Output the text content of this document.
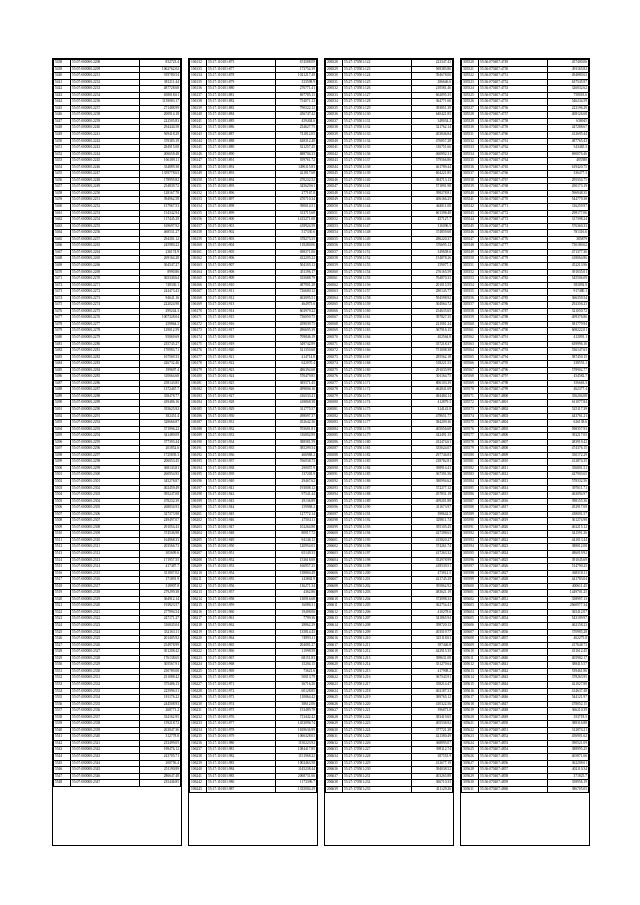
5438	55:07:000000:2208	832723.4
5439	55:07:000000:2209	1062762.02
5440	55:07:000000:2231	919780.54
5441	55:07:000000:2232	381211.44
5442	55:07:000000:2233	487728.68
5443	55:07:000000:2234	658018.61
5444	55:07:000000:2236	1139083.17
5445	55:07:000000:2237	271488.99
5446	55:07:000000:2238	200914.18
5447	55:07:000000:2239	222505.83
5448	55:07:000000:2240	294444.58
5449	55:07:000000:2241	569418.29
5450	55:07:000000:2242	378385.19
5451	55:07:000000:2243	284915.08
5452	55:07:000000:2244	406658.48
5453	55:07:000000:2245	166189.11
5454	55:07:000000:2246	334889.38
5455	55:07:000000:2247	1359778.63
5456	55:07:000000:2248	178995.82
5457	55:07:000000:2249	254839.72
5458	55:07:000000:2250	128167.78
5459	55:07:000000:2251	394962.58
5460	55:07:000000:2252	157967.53
5461	55:07:000000:2253	154342.94
5462	55:07:000000:2254	117445.29
5463	55:07:000000:2255	169697.92
5464	55:07:000000:2256	468531.27
5465	55:07:000000:2257	294301.12
5466	55:07:000000:2263	245980.22
5467	55:07:000000:2264	236174.9
5468	55:07:000000:2265	269164.28
5469	55:07:000000:2266	304547.27
5470	55:07:000000:2269	8990.86
5471	55:07:000000:2270	365340.64
5472	55:07:000000:2271	748330.1
5473	55:07:000000:2272	244473.43
5474	55:07:000000:2273	94641.16
5475	55:07:000000:2274	222024.98
5476	55:07:000000:2275	299244.3
5477	55:07:000000:2276	1007328.04
5478	55:07:000000:2277	259864.3
5479	55:07:000000:2278	129012.59
5480	55:07:000000:2279	95869.69
5481	55:07:000000:2280	235745.27
5482	55:07:000000:2281	170983.71
5483	55:07:000000:2282	167569.33
5484	55:07:000000:2283	426732.46
5485	55:07:000000:2284	199697.4
5486	55:07:000000:2285	310664.68
5487	55:07:000000:2286	258143.85
5488	55:07:000000:2287	1372467.7
5489	55:07:000000:2288	358478.77
5490	55:07:000000:2289	439486.16
5491	55:07:000000:2290	355625.92
5492	55:07:000000:2291	382451.4
5493	55:07:000000:2292	328666.87
5494	55:07:000000:2293	371996.22
5495	55:07:000000:2294	341489.09
5496	55:07:000000:2295	377393.44
5497	55:07:000000:2296	201852.6
5498	55:07:000000:2297	1725839.3
5499	55:07:000000:2298	206053.45
5500	55:07:000000:2299	368143.81
5501	55:07:000000:2300	260954.95
5502	55:07:000000:2301	345278.87
5503	55:07:000000:2302	402459.49
5504	55:07:000000:2303	395247.08
5505	55:07:000000:2304	478232.39
5506	55:07:000000:2305	268834.93
5507	55:07:000000:2306	327373.98
5508	55:07:000000:2307	249497.07
5509	55:07:000000:2308	291054.43
5510	55:07:000000:2309	374546.98
5511	55:07:000000:2310	164968.33
5512	55:07:000000:2311	203566.73
5513	55:07:000000:2312	305609.6
5514	55:07:000000:2313	171957.55
5515	55:07:000000:2314	417487.7
5516	55:07:000000:2315	331807.02
5517	55:07:000000:2316	171891.9
5518	55:07:000000:2317	318907.8
5519	55:07:000000:2318	279299.38
5520	55:07:000000:2319	364912.14
5521	55:07:000000:2320	193823.57
5522	55:07:000000:2321	277994.54
5523	55:07:000000:2322	247171.27
5524	55:07:000000:2323	316845.04
5525	55:07:000000:2324	332163.11
5526	55:07:000000:2325	201405.92
5527	55:07:000000:2326	254978.99
5528	55:07:000000:2327	301208.42
5529	55:07:000000:2328	176138.65
5530	55:07:000000:2329	305567.91
5531	55:07:000000:2330	250789.08
5532	55:07:000000:2331	231088.42
5533	55:07:000000:2332	375486.13
5534	55:07:000000:2333	225996.51
5535	55:07:000000:2334	181176.22
5536	55:07:000000:2335	244508.93
5537	55:07:000000:2336	268771.2
5538	55:07:000000:2337	334162.95
5539	55:07:000000:2338	159218.72
5540	55:07:000000:2339	263047.36
5541	55:07:000000:2340	312778.8
5542	55:07:000000:2341	233499.05
5543	55:07:000000:2342	198476.12
5544	55:07:000000:2343	243705.71
5545	55:07:000000:2344	208756.4
5546	55:07:000000:2345	251190.89
5547	55:07:000000:2346	286647.48
5548	55:07:000000:2347	235446.85
106132	55:17:110101:875	674588.09
106133	55:17:110101:877	173754.39
106134	55:17:110101:878	1021217.49
106135	55:17:110101:879	333598.9
106136	55:17:110101:880	276771.41
106137	55:17:110101:881	697785.15
106138	55:17:110101:882	754071.13
106139	55:17:110101:883	790522.12
106140	55:17:110101:884	456747.42
106141	55:17:110101:885	459404.6
106142	55:17:110101:886	234627.75
106143	55:17:110101:887	741812.05
106144	55:17:110101:888	628312.48
106145	55:17:110101:889	521257.45
106146	55:17:110101:890	688704.33
106147	55:17:110101:891	559761.72
106148	55:17:110101:892	1496115.83
106149	55:17:110101:893	421817.68
106150	55:17:110101:894	470232.52
106151	55:17:110101:895	345629.61
106152	55:17:110101:896	277167.8
106153	55:17:110101:897	470710.34
106154	55:17:110101:898	390014.51
106155	55:17:110101:899	313715.68
106156	55:17:110101:900	1415271.08
106157	55:17:110101:901	418924.59
106158	55:17:110101:902	517330.6
106159	55:17:110101:903	378273.55
106160	55:17:110101:904	118280.06
106161	55:17:110101:905	498371.06
106162	55:17:110101:906	432205.22
106163	55:17:110101:907	504103.13
106164	55:17:110101:908	451196.17
106165	55:17:110101:909	335688.79
106166	55:17:110101:910	487901.28
106167	55:17:110101:911	726680.12
106168	55:17:110101:912	463095.51
106169	55:17:110101:913	464975.6
106170	55:17:110101:914	603979.22
106171	55:17:110101:915	736059.75
106172	55:17:110101:916	459039.75
106173	55:17:110101:917	496695.39
106174	55:17:110101:918	709846.19
106175	55:17:110101:919	349742.89
106176	55:17:110101:920	521350.68
106177	55:17:110101:921	414714.8
106178	55:17:110101:922	622070.4
106179	55:17:110101:923	486394.68
106180	55:17:110101:924	570479.85
106181	55:17:110101:925	385571.45
106182	55:17:110101:926	499806.16
106183	55:17:110101:927	416533.41
106184	55:17:110101:928	418868.38
106185	55:17:110101:929	311775.57
106186	55:17:110101:930	498097.37
106187	55:17:110101:931	452642.36
106188	55:17:110101:932	705691.81
106189	55:17:110101:933	316802.89
106190	55:17:110101:934	388581.59
106191	55:17:110101:935	385299.54
106192	55:17:110101:936	466968.2
106193	55:17:110101:937	766938.73
106194	55:17:110101:938	290057.9
106195	55:17:110101:939	137203.9
106196	55:17:110101:940	29467.62
106197	55:17:110101:941	193008.12
106198	55:17:110101:942	97541.44
106199	55:17:110101:943	29136.89
106200	55:17:110101:944	159968.2
106201	55:17:110101:945	127772.14
106202	55:17:110101:946	47504.11
106203	55:17:110101:947	102264.88
106204	55:17:110101:948	80917.72
106205	55:17:110101:949	94146.12
106206	55:17:110101:950	120954.03
106207	55:17:110101:951	65149.33
106208	55:17:110101:952	153618.08
106209	55:17:110101:953	166957.25
106210	55:17:110101:954	138860.49
106211	55:17:110101:955	143802.9
106212	55:17:110101:956	136271.34
106213	55:17:110101:957	4362.86
106214	55:17:110101:958	130916.68
106215	55:17:110101:959	16086.31
106216	55:17:110101:960	19498.06
106217	55:17:110101:961	7799.36
106218	55:17:110101:962	28862.29
106219	55:17:110101:963	135814.43
106220	55:17:110101:964	74993.11
106221	55:17:110101:965	204081.27
106222	55:17:110101:966	11998.59
106223	55:17:110101:967	68151.83
106224	55:17:110101:968	15204.15
106225	55:17:110101:969	73621.6
106226	55:17:110101:970	50013.79
106227	55:17:110101:971	36716.26
106228	55:17:110101:972	60128.85
106229	55:17:110101:973	110864.42
106230	55:17:110101:974	38612.06
106231	55:17:110101:975	153489.78
106232	55:17:110101:976	713442.42
106233	55:17:110101:977	1453096.74
106234	55:17:110101:978	1639636.99
106235	55:17:110101:979	1066328.03
106236	55:17:110101:980	1150223.92
106237	55:17:110101:981	1084417.85
106238	55:17:110101:982	1151968.22
106239	55:17:110101:983	1002463.58
106240	55:17:110101:984	1145238.44
106241	55:17:110101:985	2068731.66
106242	55:17:110101:986	1173396.7
106243	55:17:110101:987	1335004.29
206528	55:27:170501:122	223347.43
206529	55:27:170501:123	569385.86
206530	55:27:170501:124	394678.06
206531	55:27:170501:125	286646.6
206532	55:27:170501:126	210581.46
206533	55:27:170501:127	662895.35
206534	55:27:170501:128	364771.66
206535	55:27:170501:129	393851.39
206536	55:27:170501:130	640421.85
206537	55:27:170501:131	348034.2
206538	55:27:170501:132	321762.14
206539	55:27:170501:133	403846.84
206540	55:27:170501:134	476857.28
206541	55:27:170501:135	316751.66
206542	55:27:170501:136	460892.31
206543	55:27:170501:137	579566.86
206544	55:27:170501:138	461789.44
206545	55:27:170501:139	604221.85
206546	55:27:170501:140	384713.13
206547	55:27:170501:141	571891.98
206548	55:27:170501:142	398278.81
206549	55:27:170501:143	406166.25
206550	55:27:170501:144	464811.08
206551	55:27:170501:145	601398.48
206552	55:27:170501:146	457127.7
206553	55:27:170501:147	316096.5
206554	55:27:170501:148	374859.68
206555	55:27:170501:149	286220.37
206556	55:27:170501:150	376695.13
206557	55:27:170501:151	349658.6
206558	55:27:170501:152	154878.26
206559	55:27:170501:153	159077.1
206560	55:27:170501:154	276165.59
206561	55:27:170501:155	764870.33
206562	55:27:170501:156	201015.55
206563	55:27:170501:157	280145.77
206564	55:27:170501:158	594598.92
206565	55:27:170501:159	304064.72
206566	55:27:170501:160	254635.65
206567	55:27:170501:161	397827.35
206568	55:27:170501:162	221901.24
206569	55:27:170501:163	367916.15
206570	55:27:170501:164	402564.8
206571	55:27:170501:165	357218.37
206572	55:27:170501:166	751008.38
206573	55:27:170501:167	285562.18
206574	55:27:170501:168	518221.53
206575	55:27:170501:169	291035.99
206576	55:27:170501:170	301164.75
206577	55:27:170501:171	806103.39
206578	55:27:170501:172	462841.69
206579	55:27:170501:173	484484.14
206580	55:27:170501:174	412879.3
206581	55:27:170501:175	314141.8
206582	55:27:170501:176	478651.77
206583	55:27:170501:177	384209.36
206584	55:27:170501:178	405056.68
206585	55:27:170501:179	342491.15
206586	55:27:170501:180	432474.61
206587	55:27:170501:181	335624.07
206588	55:27:170501:182	297746.83
206589	55:27:170501:183	238782.81
206590	55:27:170501:184	398914.41
206591	55:27:170501:185	367391.56
206592	55:27:170501:186	380994.62
206593	55:27:170501:187	372277.12
206594	55:27:170501:188	457831.19
206595	55:27:170501:189	409201.88
206596	55:27:170501:190	411673.97
206597	55:27:170501:191	398642.5
206598	55:27:170501:192	329811.74
206599	55:27:170501:193	395105.45
206600	55:27:170501:194	427398.63
206601	55:27:170501:195	415820.27
206602	55:27:170501:196	374261.74
206603	55:27:170501:197	417263.32
206604	55:27:170501:198	352978.99
206605	55:27:170501:199	418539.51
206606	55:27:170501:200	473912.5
206607	55:27:170501:201	421745.29
206608	55:27:170501:202	395862.92
206609	55:27:170501:203	483621.19
206610	55:27:170501:204	373098.33
206611	55:27:170501:205	362754.41
206612	55:27:170501:206	410278.6
206613	55:27:170501:207	341865.94
206614	55:27:170501:208	398720.13
206615	55:27:170501:209	403519.77
206616	55:27:170501:210	325118.61
206617	55:27:170501:211	387446.8
206618	55:27:170501:212	442915.35
206619	55:27:170501:213	398631.08
206620	55:27:170501:214	351279.64
206621	55:27:170501:215	417908.2
206622	55:27:170501:216	367543.91
206623	55:27:170501:217	358214.47
206624	55:27:170501:218	402187.31
206625	55:27:170501:219	389765.12
206626	55:27:170501:220	410322.56
206627	55:27:170501:221	396873.8
206628	55:27:170501:222	383419.65
206629	55:27:170501:223	405536.92
206630	55:27:170501:224	377721.38
206631	55:27:170501:225	421380.49
206632	55:27:170501:226	368895.07
206633	55:27:170501:227	398112.74
206634	55:27:170501:228	387553.9
206635	55:27:170501:229	412677.19
206636	55:27:170501:230	394038.52
206637	55:27:170501:231	403265.88
206638	55:27:170501:232	366710.33
206639	55:27:170501:233	411129.26
305520	55:36:070407:4749	457400.06
305521	55:36:070407:4750	491165.82
305522	55:36:070407:4751	494880.63
305523	55:36:070407:4752	637545.97
305524	55:36:070407:4753	326032.62
305525	55:36:070407:4754	758018.6
305526	55:36:070407:4755	546234.59
305527	55:36:070407:4756	223196.29
305528	55:36:070407:4757	408126.68
305529	55:36:070407:4758	636945
305530	55:36:070407:4759	447288.67
305531	55:36:070407:4760	412695.44
305532	55:36:070407:4761	487765.43
305533	55:36:070407:4762	543465.5
305534	55:36:070407:4763	690076.46
305535	55:36:070407:4764	485588
305536	55:36:070407:4765	619420.75
305537	55:36:070407:4766	336477.3
305538	55:36:070407:4767	295354.75
305539	55:36:070407:4768	450173.19
305540	55:36:070407:4769	596948.35
305541	55:36:070407:4770	544779.38
305542	55:36:070407:4771	316259.97
305543	55:36:070407:4772	298177.06
305544	55:36:070407:4773	317398.24
305545	55:36:070407:4774	576360.33
305546	55:36:070407:4775	781316.6
305547	55:36:070407:4776	385879
305548	55:36:070407:4777	730180.62
305549	55:36:070407:4778	471377.36
305550	55:36:070407:4779	418064.86
305551	55:36:070407:4780	452213.96
305552	55:36:070407:4781	391035.01
305553	55:36:070407:4782	545506.09
305554	55:36:070407:4783	383092.9
305555	55:36:070407:4784	917480.1
305556	55:36:070407:4785	366359.54
305557	55:36:070407:4786	292356.23
305558	55:36:070407:4787	321050.72
305559	55:36:070407:4788	409376.86
305560	55:36:070407:4789	581779.94
305561	55:36:070407:4790	608222.01
305562	55:36:070407:4791	412091.1
305563	55:36:070407:4792	639996.16
305564	55:36:070407:4793	536147.63
305565	55:36:070407:4794	587450.15
305566	55:36:070407:4795	338553.1
305567	55:36:070407:4796	578902.77
305568	55:36:070407:4797	454582.7
305569	55:36:070407:4798	356663.3
305570	55:36:070407:4799	462377.4
305571	55:36:070407:4800	356204.08
305572	55:36:070407:4801	611077.84
305573	55:36:070407:4802	525117.39
305574	55:36:070407:4803	443761.21
305575	55:36:070407:4804	626138.6
305576	55:36:070407:4805	598357.93
305577	55:36:070407:4806	392217.05
305578	55:36:070407:4807	483919.42
305579	55:36:070407:4808	474376.15
305580	55:36:070407:4809	350172.29
305581	55:36:070407:4810	412874.35
305582	55:36:070407:4811	356801.51
305583	55:36:070407:4812	427903.65
305584	55:36:070407:4813	578332.56
305585	55:36:070407:4814	397611.71
305586	55:36:070407:4815	463094.97
305587	55:36:070407:4816	398155.36
305588	55:36:070407:4817	452917.69
305589	55:36:070407:4818	438001.57
305590	55:36:070407:4819	361274.98
305591	55:36:070407:4820	402215.12
305592	55:36:070407:4821	341591.26
305593	55:36:070407:4822	441013.44
305594	55:36:070407:4823	388012.08
305595	55:36:070407:4824	486019.92
305596	55:36:070407:4825	391045.69
305597	55:36:070407:4826	514790.25
305598	55:36:070407:4827	368318.11
305599	55:36:070407:4828	441783.04
305600	55:36:070407:4829	400611.45
305601	55:36:070407:4830	1449701.25
305602	55:36:070407:4831	358997.13
305603	55:36:070407:4832	2660977.34
305604	55:36:070407:4833	365412.07
305605	55:36:070407:4834	543109.97
305606	55:36:070407:4835	462158.23
305607	55:36:070407:4836	370985.28
305608	55:36:070407:4837	462275.8
305609	55:36:070407:4838	417648.73
305610	55:36:070407:4839	431612.45
305611	55:36:070407:4840	405982.17
305612	55:36:070407:4841	388415.57
305613	55:36:070407:4842	539461.86
305614	55:36:070407:4843	378263.95
305615	55:36:070407:4844	421027.88
305616	55:36:070407:4845	414637.48
305617	55:36:070407:4846	544121.97
305618	55:36:070407:4847	478052.15
305619	55:36:070407:4848	366210.39
305620	55:36:070407:4849	353718.5
305621	55:36:070407:4850	388316.88
305622	55:36:070407:4851	312874.21
305623	55:36:070407:4852	456901.62
305624	55:36:070407:4853	390521.09
305625	55:36:070407:4854	388995.25
305626	55:36:070407:4855	405871.66
305627	55:36:070407:4856	362208.01
305628	55:36:070407:4857	402110.34
305629	55:36:070407:4858	371825.7
305630	55:36:070407:4859	358956.19
305631	55:36:070407:4860	386705.05
